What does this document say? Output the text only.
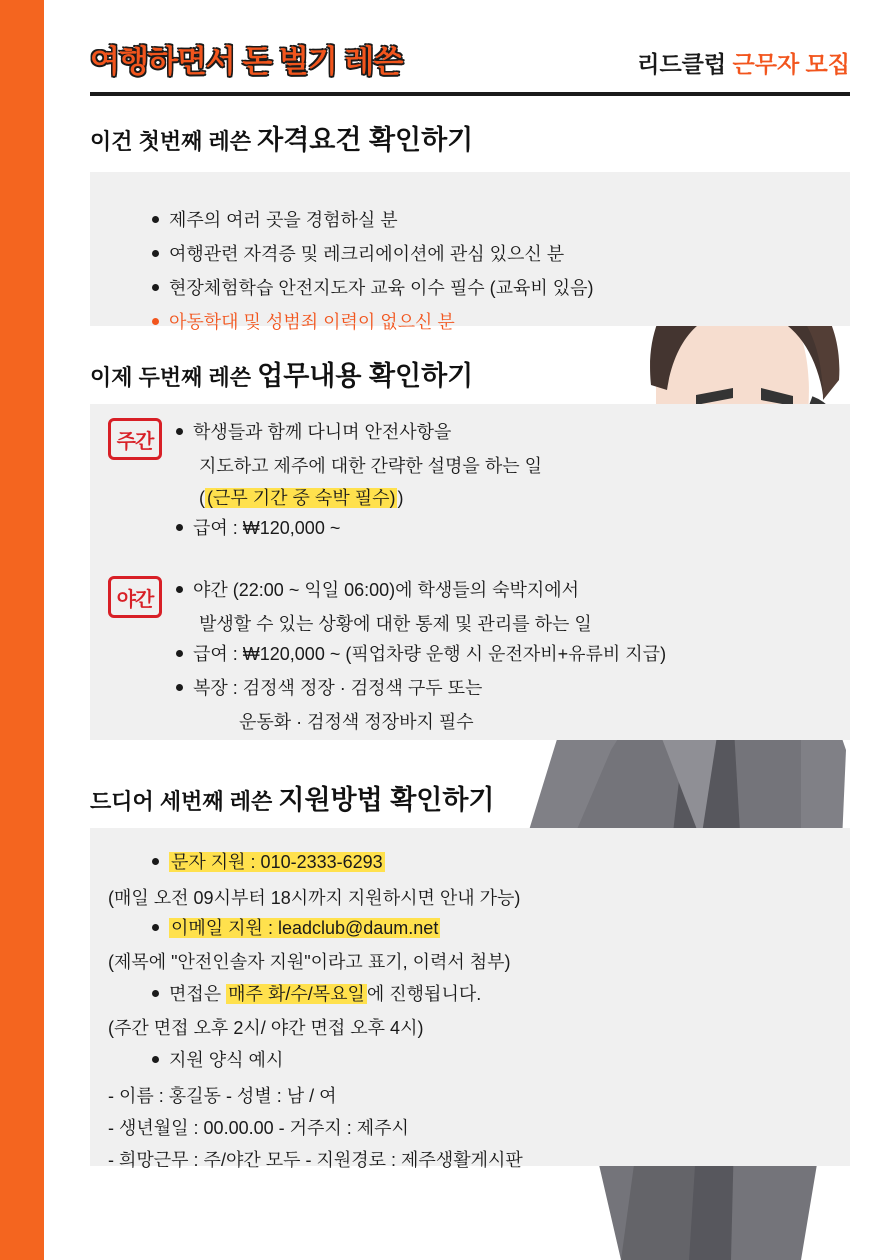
여행하면서 돈 벌기 레쓴	리드클럽 근무자 모집
이건 첫번째 레쓴 자격요건 확인하기
제주의 여러 곳을 경험하실 분
여행관련 자격증 및 레크리에이션에 관심 있으신 분
현장체험학습 안전지도자 교육 이수 필수 (교육비 있음)
아동학대 및 성범죄 이력이 없으신 분
이제 두번째 레쓴 업무내용 확인하기
주간	학생들과 함께 다니며 안전사항을
지도하고 제주에 대한 간략한 설명을 하는 일
( (근무 기간 중 숙박 필수) )
급여 : ₩120,000 ~
야간	야간 (22:00 ~ 익일 06:00)에 학생들의 숙박지에서
발생할 수 있는 상황에 대한 통제 및 관리를 하는 일
급여 : ₩120,000 ~ (픽업차량 운행 시 운전자비+유류비 지급)
복장 : 검정색 정장 · 검정색 구두 또는
운동화 · 검정색 정장바지 필수
드디어 세번째 레쓴 지원방법 확인하기
문자 지원 : 010-2333-6293
(매일 오전 09시부터 18시까지 지원하시면 안내 가능)
이메일 지원 : leadclub@daum.net
(제목에 "안전인솔자 지원"이라고 표기, 이력서 첨부)
면접은 매주 화/수/목요일 에 진행됩니다.
(주간 면접 오후 2시/ 야간 면접 오후 4시)
지원 양식 예시
- 이름 : 홍길동 - 성별 : 남 / 여
- 생년월일 : 00.00.00 - 거주지 : 제주시
- 희망근무 : 주/야간 모두 - 지원경로 : 제주생활게시판
